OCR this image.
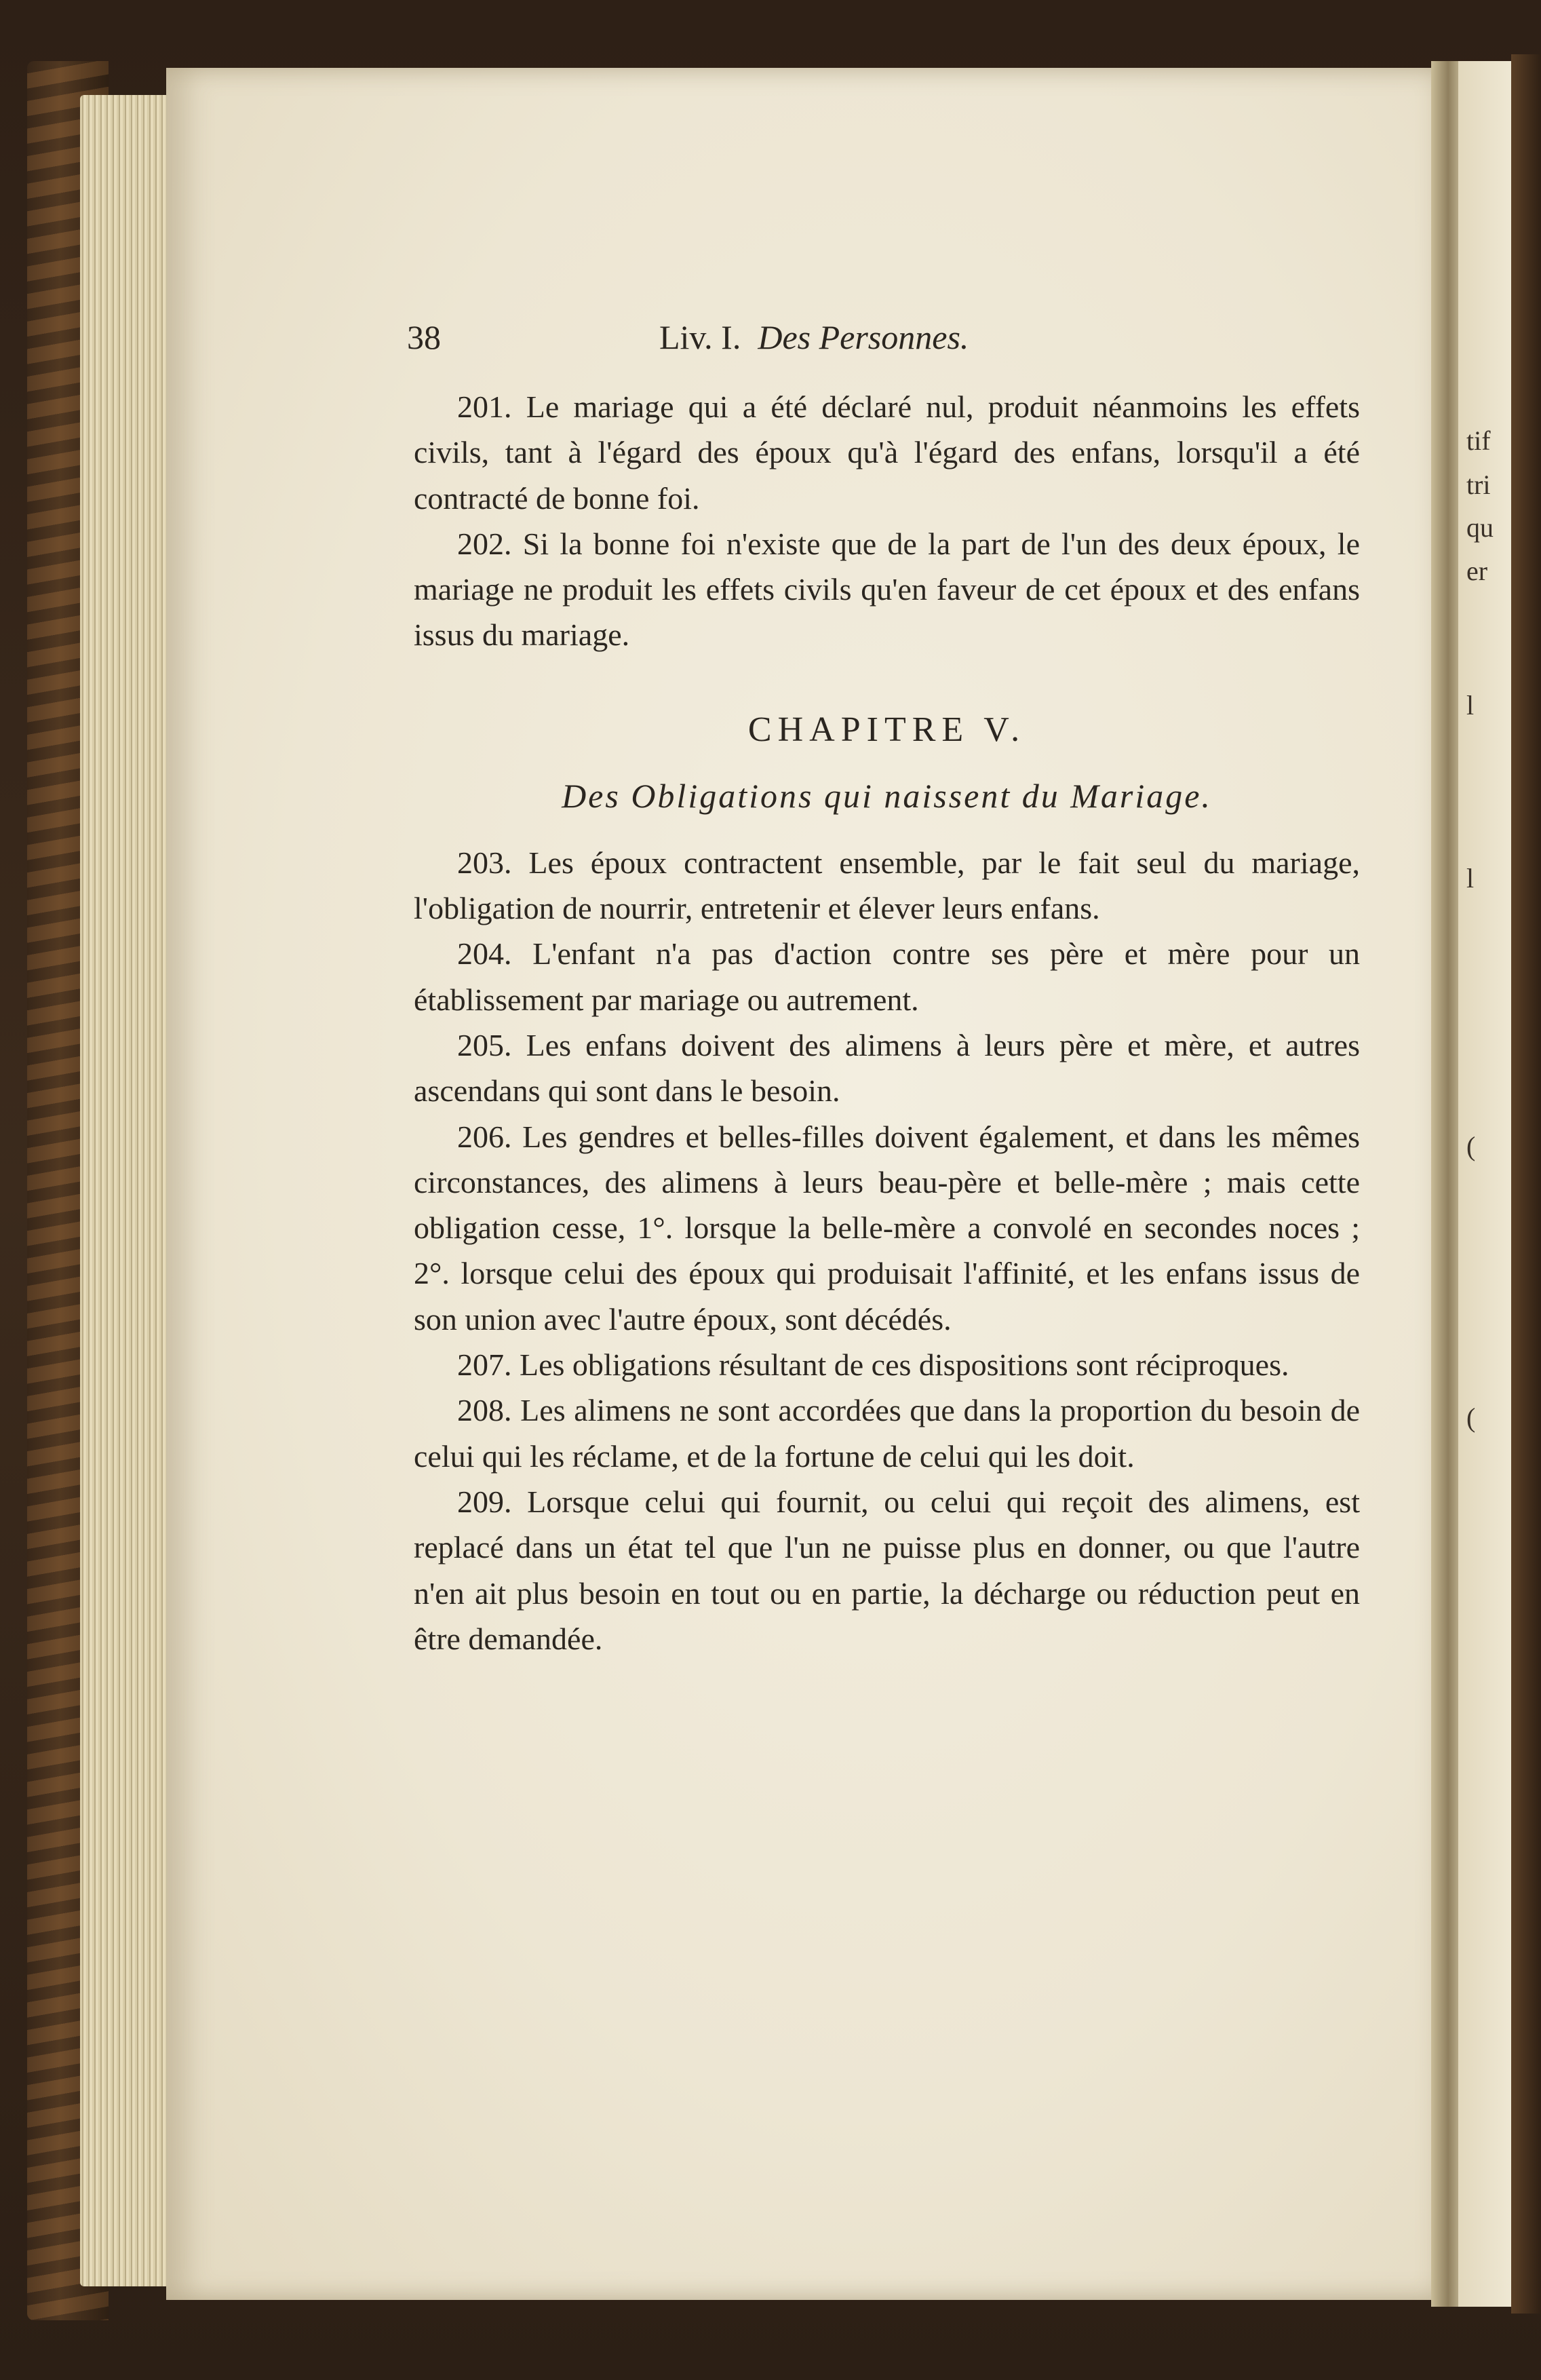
tif
tri
qu
er
l
l
(
(
38	Liv. I. Des Personnes.

201. Le mariage qui a été déclaré nul, produit néanmoins les effets civils, tant à l'égard des époux qu'à l'égard des enfans, lorsqu'il a été contracté de bonne foi.

202. Si la bonne foi n'existe que de la part de l'un des deux époux, le mariage ne produit les effets civils qu'en faveur de cet époux et des enfans issus du mariage.

CHAPITRE V.
Des Obligations qui naissent du Mariage.

203. Les époux contractent ensemble, par le fait seul du mariage, l'obligation de nourrir, entretenir et élever leurs enfans.

204. L'enfant n'a pas d'action contre ses père et mère pour un établissement par mariage ou autrement.

205. Les enfans doivent des alimens à leurs père et mère, et autres ascendans qui sont dans le besoin.

206. Les gendres et belles-filles doivent également, et dans les mêmes circonstances, des alimens à leurs beau-père et belle-mère ; mais cette obligation cesse, 1°. lorsque la belle-mère a convolé en secondes noces ; 2°. lorsque celui des époux qui produisait l'affinité, et les enfans issus de son union avec l'autre époux, sont décédés.

207. Les obligations résultant de ces dispositions sont réciproques.

208. Les alimens ne sont accordées que dans la proportion du besoin de celui qui les réclame, et de la fortune de celui qui les doit.

209. Lorsque celui qui fournit, ou celui qui reçoit des alimens, est replacé dans un état tel que l'un ne puisse plus en donner, ou que l'autre n'en ait plus besoin en tout ou en partie, la décharge ou réduction peut en être demandée.
